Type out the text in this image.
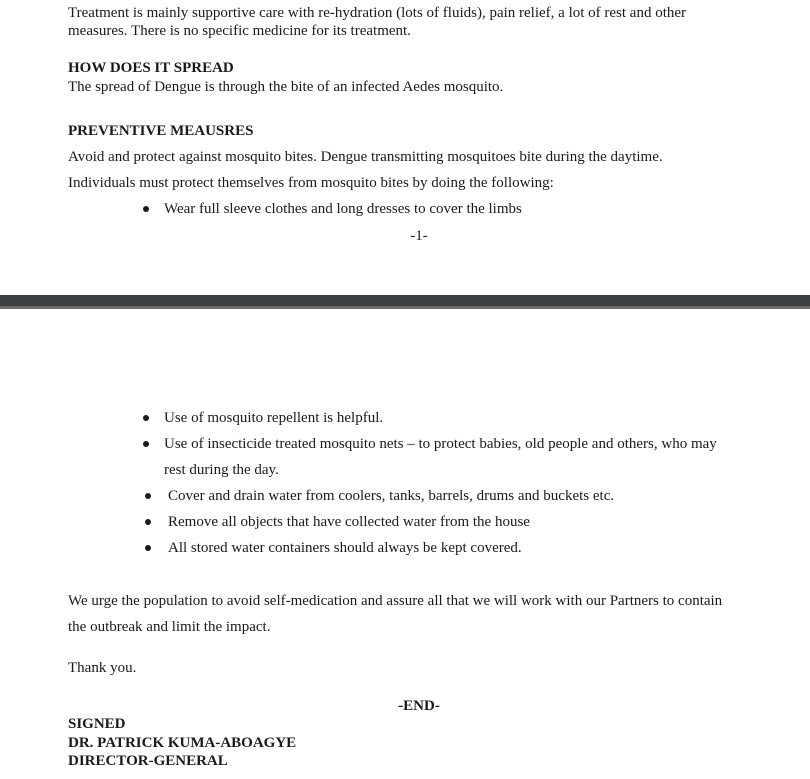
Treatment is mainly supportive care with re-hydration (lots of fluids), pain relief, a lot of rest and other
measures. There is no specific medicine for its treatment.
HOW DOES IT SPREAD
The spread of Dengue is through the bite of an infected Aedes mosquito.
PREVENTIVE MEAUSRES
Avoid and protect against mosquito bites. Dengue transmitting mosquitoes bite during the daytime.
Individuals must protect themselves from mosquito bites by doing the following:
Wear full sleeve clothes and long dresses to cover the limbs
-1-
Use of mosquito repellent is helpful.
Use of insecticide treated mosquito nets – to protect babies, old people and others, who may
rest during the day.
Cover and drain water from coolers, tanks, barrels, drums and buckets etc.
Remove all objects that have collected water from the house
All stored water containers should always be kept covered.
We urge the population to avoid self-medication and assure all that we will work with our Partners to contain
the outbreak and limit the impact.
Thank you.
-END-
SIGNED
DR. PATRICK KUMA-ABOAGYE
DIRECTOR-GENERAL
